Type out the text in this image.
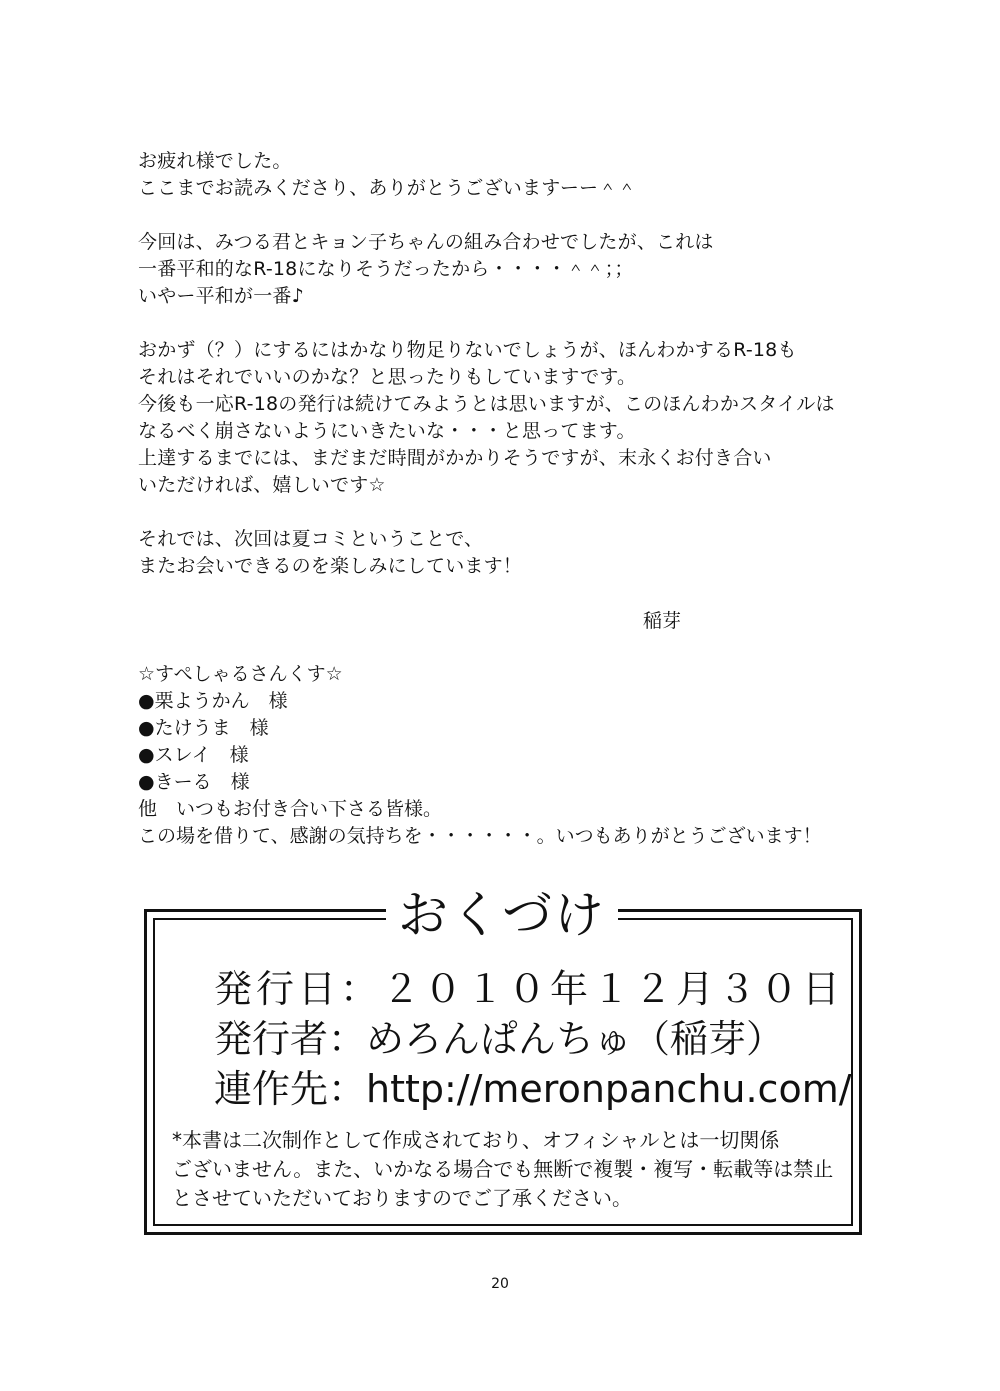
お疲れ様でした。

ここまでお読みくださり、ありがとうございますーー＾＾

今回は、みつる君とキョン子ちゃんの組み合わせでしたが、これは

一番平和的なR-18になりそうだったから・・・・＾＾；；

いやー平和が一番♪

おかず（？）にするにはかなり物足りないでしょうが、ほんわかするR-18も

それはそれでいいのかな？と思ったりもしていますです。

今後も一応R-18の発行は続けてみようとは思いますが、このほんわかスタイルは

なるべく崩さないようにいきたいな・・・と思ってます。

上達するまでには、まだまだ時間がかかりそうですが、末永くお付き合い

いただければ、嬉しいです☆

それでは、次回は夏コミということで、

またお会いできるのを楽しみにしています！

稲芽

☆すぺしゃるさんくす☆

●栗ようかん　様

●たけうま　様

●スレイ　様

●きーる　様

他　いつもお付き合い下さる皆様。

この場を借りて、感謝の気持ちを・・・・・・。いつもありがとうございます！

おくづけ
発行日：２０１０年１２月３０日
発行者：めろんぱんちゅ（稲芽）
連作先：http://meronpanchu.com/

*本書は二次制作として作成されており、オフィシャルとは一切関係

ございません。また、いかなる場合でも無断で複製・複写・転載等は禁止

とさせていただいておりますのでご了承ください。

20
